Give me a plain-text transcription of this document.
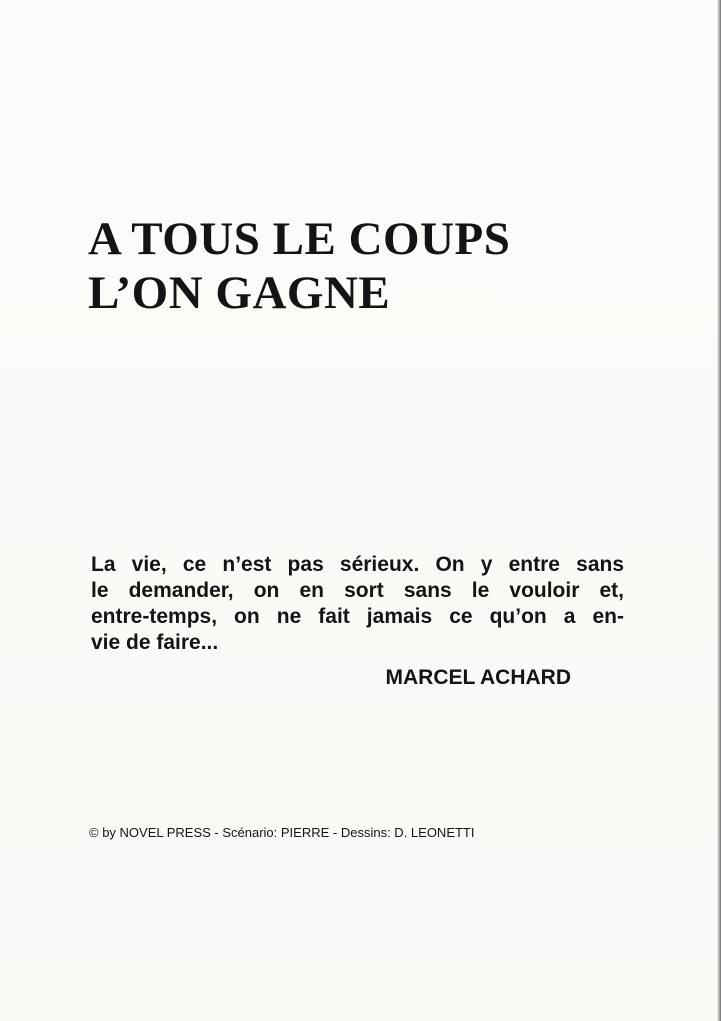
A TOUS LE COUPS
L’ON GAGNE
La vie, ce n’est pas sérieux. On y entre sans
le demander, on en sort sans le vouloir et,
entre-temps, on ne fait jamais ce qu’on a en-
vie de faire...
MARCEL ACHARD
© by NOVEL PRESS - Scénario: PIERRE - Dessins: D. LEONETTI
